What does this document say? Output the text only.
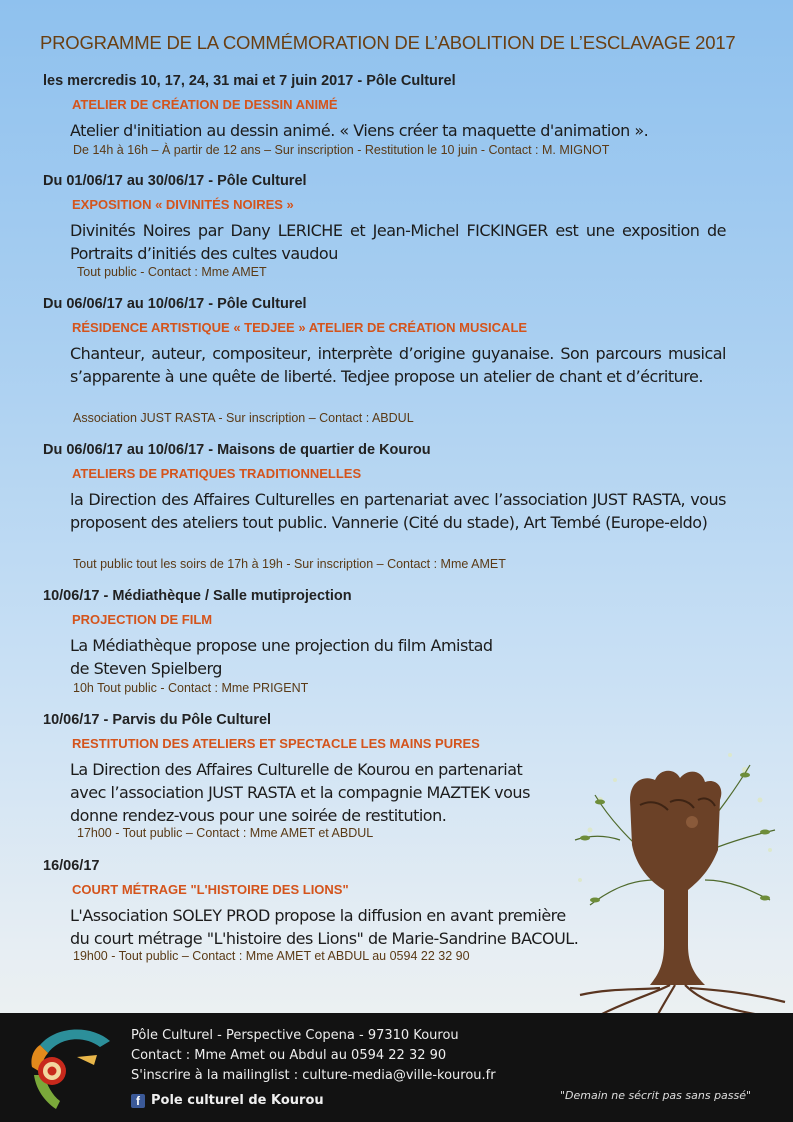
PROGRAMME DE LA COMMÉMORATION DE L’ABOLITION DE L’ESCLAVAGE 2017
les mercredis 10, 17, 24, 31 mai et 7 juin 2017 - Pôle Culturel
ATELIER DE CRÉATION DE DESSIN ANIMÉ
Atelier d'initiation au dessin animé. « Viens créer ta maquette d'animation ».
De 14h à 16h – À partir de 12 ans – Sur inscription - Restitution le 10 juin - Contact : M. MIGNOT
Du 01/06/17 au 30/06/17 - Pôle Culturel
EXPOSITION « DIVINITÉS NOIRES »
Divinités Noires par Dany LERICHE et Jean-Michel FICKINGER est une exposition de Portraits d’initiés des cultes vaudou
Tout public - Contact : Mme AMET
Du 06/06/17 au 10/06/17 - Pôle Culturel
RÉSIDENCE ARTISTIQUE « TEDJEE » ATELIER DE CRÉATION MUSICALE
Chanteur, auteur, compositeur, interprète d’origine guyanaise. Son parcours musical s’apparente à une quête de liberté. Tedjee propose un atelier de chant et d’écriture.
Association JUST RASTA - Sur inscription – Contact : ABDUL
Du 06/06/17 au 10/06/17 - Maisons de quartier de Kourou
ATELIERS DE PRATIQUES TRADITIONNELLES
la Direction des Affaires Culturelles en partenariat avec l’association JUST RASTA, vous proposent des ateliers tout public. Vannerie (Cité du stade), Art Tembé (Europe-eldo)
Tout public tout les soirs de 17h à 19h - Sur inscription – Contact : Mme AMET
10/06/17 - Médiathèque / Salle mutiprojection
PROJECTION DE FILM
La Médiathèque propose une projection du film Amistad
de Steven Spielberg
10h Tout public - Contact : Mme PRIGENT
10/06/17 - Parvis du Pôle Culturel
RESTITUTION DES ATELIERS ET SPECTACLE LES MAINS PURES
La Direction des Affaires Culturelle de Kourou en partenariat
avec l’association JUST RASTA et la compagnie MAZTEK vous
donne rendez-vous pour une soirée de restitution.
17h00 - Tout public – Contact : Mme AMET et ABDUL
16/06/17
COURT MÉTRAGE "L'HISTOIRE DES LIONS"
L'Association SOLEY PROD propose la diffusion en avant première
du court métrage "L'histoire des Lions" de Marie-Sandrine BACOUL.
19h00 - Tout public – Contact : Mme AMET et ABDUL au 0594 22 32 90
Pôle Culturel - Perspective Copena - 97310 Kourou
Contact : Mme Amet ou Abdul au 0594 22 32 90
S'inscrire à la mailinglist : culture-media@ville-kourou.fr
f Pole culturel de Kourou	"Demain ne sécrit pas sans passé"
